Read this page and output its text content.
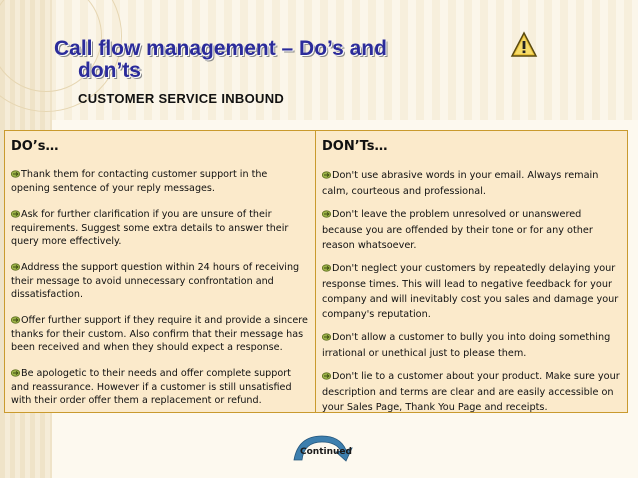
Call flow management – Do’s and
don’ts
CUSTOMER SERVICE INBOUND
DO’s…
Thank them for contacting customer support in the opening sentence of your reply messages.
Ask for further clarification if you are unsure of their requirements. Suggest some extra details to answer their query more effectively.
Address the support question within 24 hours of receiving their message to avoid unnecessary confrontation and dissatisfaction.
Offer further support if they require it and provide a sincere thanks for their custom. Also confirm that their message has been received and when they should expect a response.
Be apologetic to their needs and offer complete support and reassurance. However if a customer is still unsatisfied with their order offer them a replacement or refund.
DON’Ts…
Don't use abrasive words in your email. Always remain calm, courteous and professional.
Don't leave the problem unresolved or unanswered because you are offended by their tone or for any other reason whatsoever.
Don't neglect your customers by repeatedly delaying your response times. This will lead to negative feedback for your company and will inevitably cost you sales and damage your company's reputation.
Don't allow a customer to bully you into doing something irrational or unethical just to please them.
Don't lie to a customer about your product. Make sure your description and terms are clear and are easily accessible on your Sales Page, Thank You Page and receipts.
Continued
